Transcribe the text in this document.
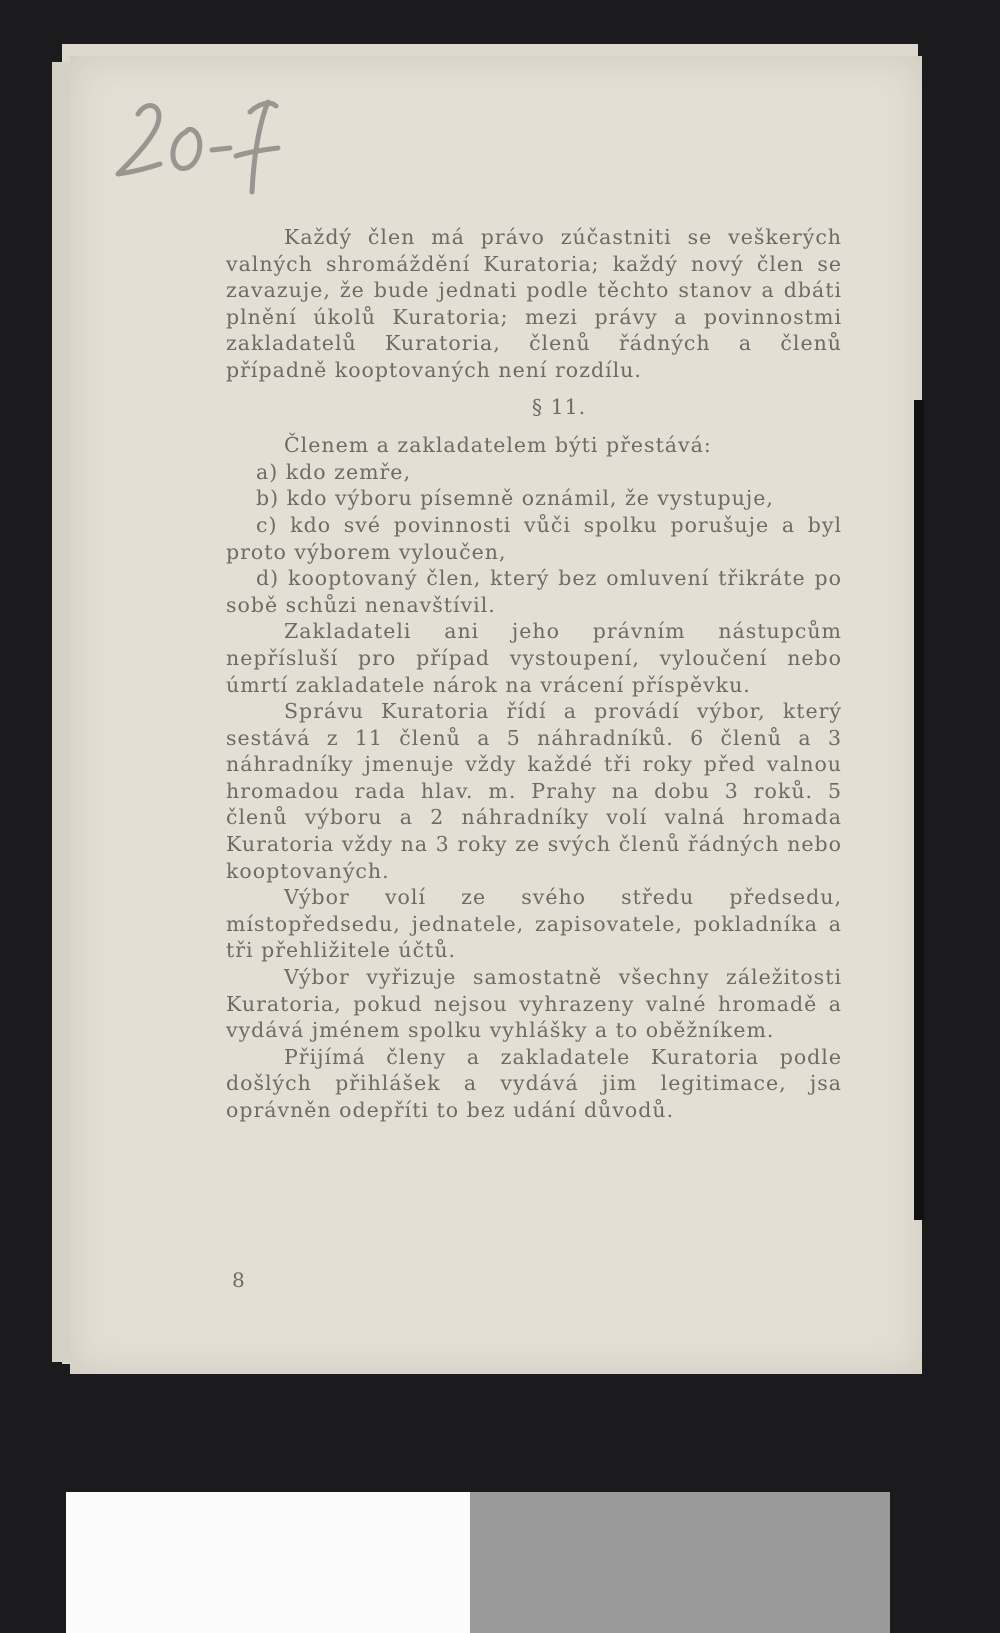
Každý člen má právo zúčastniti se veškerých valných shromáždění Kuratoria; každý nový člen se zavazuje, že bude jednati podle těchto stanov a dbáti plnění úkolů Kuratoria; mezi právy a povinnostmi zakladatelů Kuratoria, členů řádných a členů případně kooptovaných není rozdílu.

§ 11.

Členem a zakladatelem býti přestává:

a) kdo zemře,

b) kdo výboru písemně oznámil, že vystupuje,

c) kdo své povinnosti vůči spolku porušuje a byl proto výborem vyloučen,

d) kooptovaný člen, který bez omluvení třikráte po sobě schůzi nenavštívil.

Zakladateli ani jeho právním nástupcům nepřísluší pro případ vystoupení, vyloučení nebo úmrtí zakladatele nárok na vrácení příspěvku.

Správu Kuratoria řídí a provádí výbor, který sestává z 11 členů a 5 náhradníků. 6 členů a 3 náhradníky jmenuje vždy každé tři roky před valnou hromadou rada hlav. m. Prahy na dobu 3 roků. 5 členů výboru a 2 náhradníky volí valná hromada Kuratoria vždy na 3 roky ze svých členů řádných nebo kooptovaných.

Výbor volí ze svého středu předsedu, místopředsedu, jednatele, zapisovatele, pokladníka a tři přehližitele účtů.

Výbor vyřizuje samostatně všechny záležitosti Kuratoria, pokud nejsou vyhrazeny valné hromadě a vydává jménem spolku vyhlášky a to oběžníkem.

Přijímá členy a zakladatele Kuratoria podle došlých přihlášek a vydává jim legitimace, jsa oprávněn odepříti to bez udání důvodů.

8
